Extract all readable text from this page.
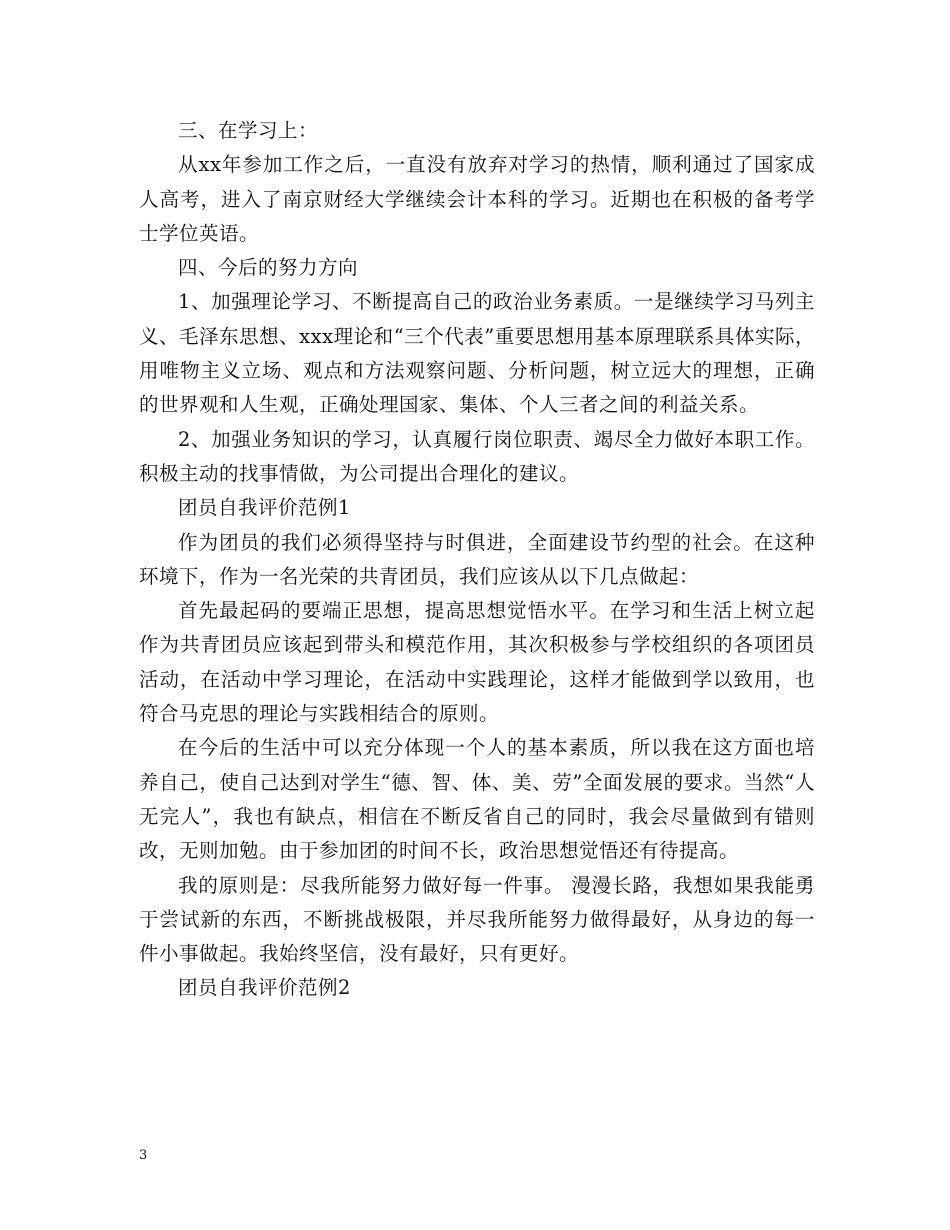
三、在学习上：

从xx年参加工作之后，一直没有放弃对学习的热情，顺利通过了国家成人高考，进入了南京财经大学继续会计本科的学习。近期也在积极的备考学士学位英语。

四、今后的努力方向

1、加强理论学习、不断提高自己的政治业务素质。一是继续学习马列主义、毛泽东思想、xxx理论和“三个代表”重要思想用基本原理联系具体实际，用唯物主义立场、观点和方法观察问题、分析问题，树立远大的理想，正确的世界观和人生观，正确处理国家、集体、个人三者之间的利益关系。

2、加强业务知识的学习，认真履行岗位职责、竭尽全力做好本职工作。积极主动的找事情做，为公司提出合理化的建议。

团员自我评价范例1

作为团员的我们必须得坚持与时俱进，全面建设节约型的社会。在这种环境下，作为一名光荣的共青团员，我们应该从以下几点做起：

首先最起码的要端正思想，提高思想觉悟水平。在学习和生活上树立起作为共青团员应该起到带头和模范作用，其次积极参与学校组织的各项团员活动，在活动中学习理论，在活动中实践理论，这样才能做到学以致用，也符合马克思的理论与实践相结合的原则。

在今后的生活中可以充分体现一个人的基本素质，所以我在这方面也培养自己，使自己达到对学生“德、智、体、美、劳”全面发展的要求。当然“人无完人”，我也有缺点，相信在不断反省自己的同时，我会尽量做到有错则改，无则加勉。由于参加团的时间不长，政治思想觉悟还有待提高。

我的原则是：尽我所能努力做好每一件事。 漫漫长路，我想如果我能勇于尝试新的东西，不断挑战极限，并尽我所能努力做得最好，从身边的每一件小事做起。我始终坚信，没有最好，只有更好。

团员自我评价范例2

3
